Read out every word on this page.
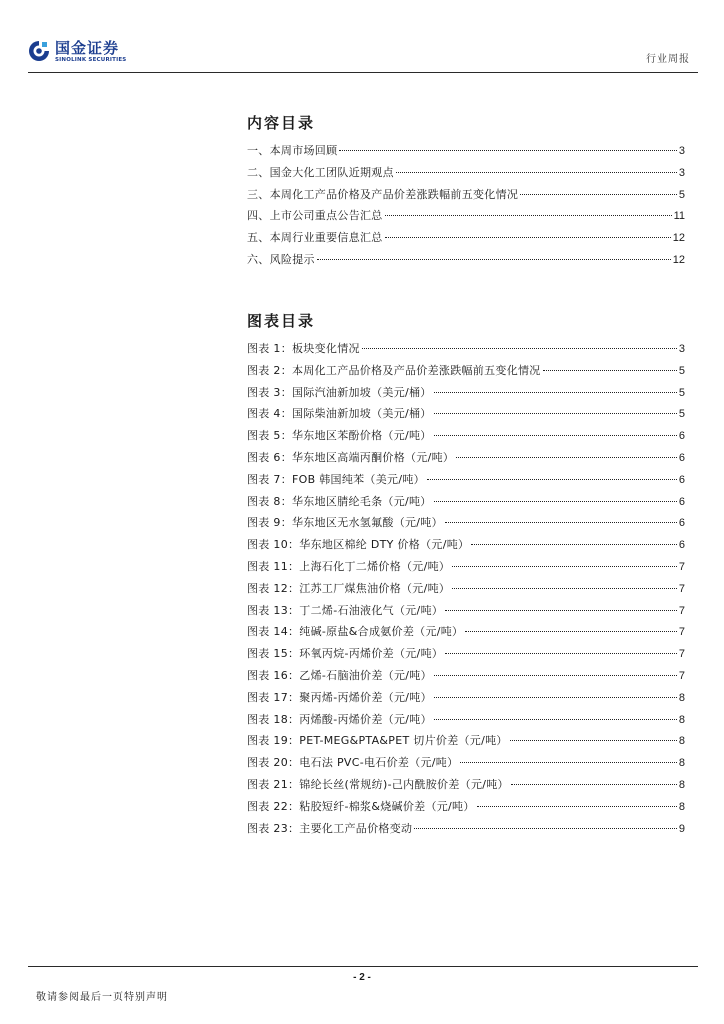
国金证券
SINOLINK SECURITIES	行业周报
内容目录
一、本周市场回顾	3
二、国金大化工团队近期观点	3
三、本周化工产品价格及产品价差涨跌幅前五变化情况	5
四、上市公司重点公告汇总	11
五、本周行业重要信息汇总	12
六、风险提示	12
图表目录
图表 1：板块变化情况	3
图表 2：本周化工产品价格及产品价差涨跌幅前五变化情况	5
图表 3：国际汽油新加坡（美元/桶）	5
图表 4：国际柴油新加坡（美元/桶）	5
图表 5：华东地区苯酚价格（元/吨）	6
图表 6：华东地区高端丙酮价格（元/吨）	6
图表 7：FOB 韩国纯苯（美元/吨）	6
图表 8：华东地区腈纶毛条（元/吨）	6
图表 9：华东地区无水氢氟酸（元/吨）	6
图表 10：华东地区棉纶 DTY 价格（元/吨）	6
图表 11：上海石化丁二烯价格（元/吨）	7
图表 12：江苏工厂煤焦油价格（元/吨）	7
图表 13：丁二烯-石油液化气（元/吨）	7
图表 14：纯碱-原盐&合成氨价差（元/吨）	7
图表 15：环氧丙烷-丙烯价差（元/吨）	7
图表 16：乙烯-石脑油价差（元/吨）	7
图表 17：聚丙烯-丙烯价差（元/吨）	8
图表 18：丙烯酸-丙烯价差（元/吨）	8
图表 19：PET-MEG&PTA&PET 切片价差（元/吨）	8
图表 20：电石法 PVC-电石价差（元/吨）	8
图表 21：锦纶长丝(常规纺)-己内酰胺价差（元/吨）	8
图表 22：粘胶短纤-棉浆&烧碱价差（元/吨）	8
图表 23：主要化工产品价格变动	9
- 2 -
敬请参阅最后一页特别声明
